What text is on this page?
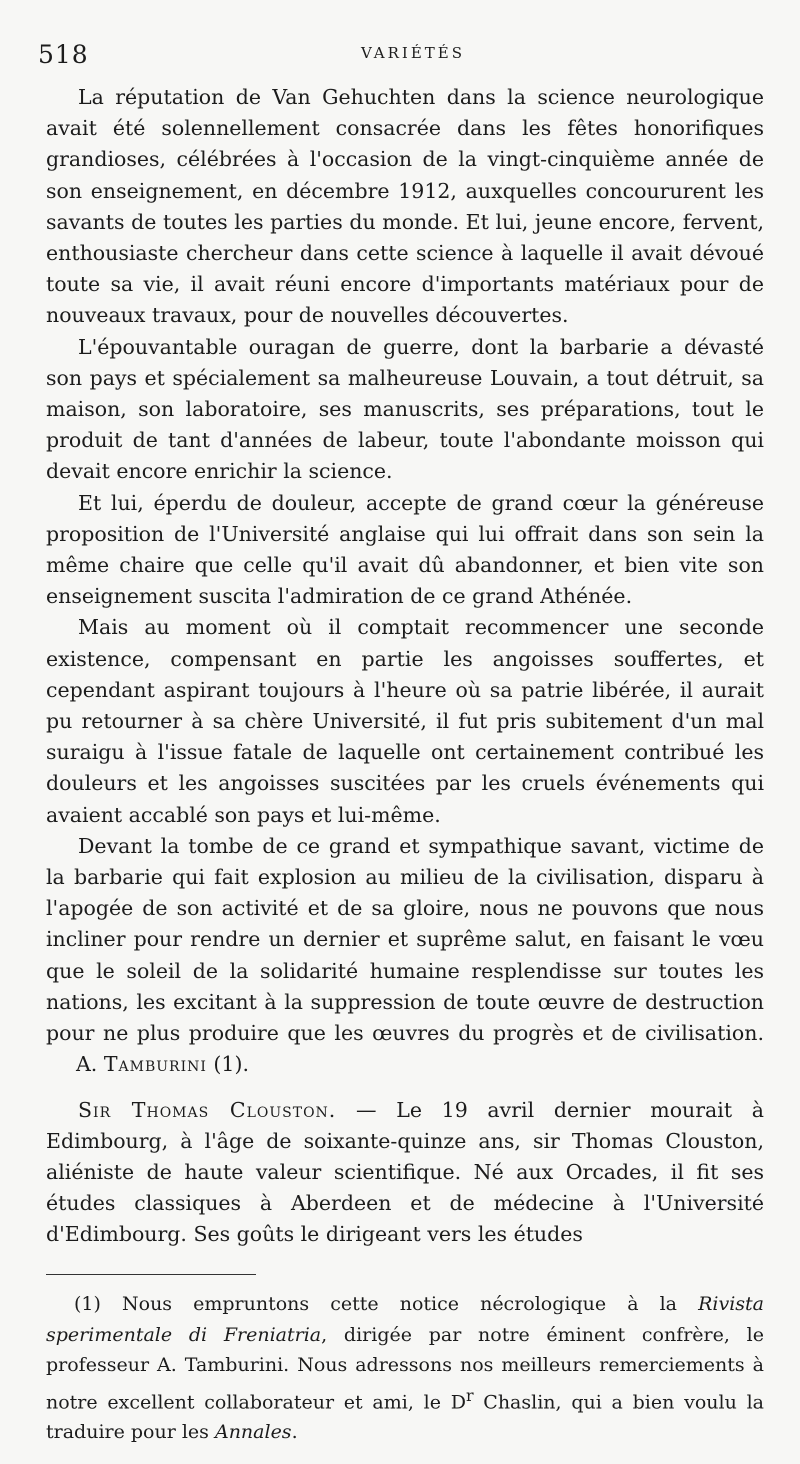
518	VARIÉTÉS

La réputation de Van Gehuchten dans la science neurologique avait été solennellement consacrée dans les fêtes honorifiques grandioses, célébrées à l'occasion de la vingt-cinquième année de son enseignement, en décembre 1912, auxquelles concoururent les savants de toutes les parties du monde. Et lui, jeune encore, fervent, enthousiaste chercheur dans cette science à laquelle il avait dévoué toute sa vie, il avait réuni encore d'importants matériaux pour de nouveaux travaux, pour de nouvelles découvertes.

L'épouvantable ouragan de guerre, dont la barbarie a dévasté son pays et spécialement sa malheureuse Louvain, a tout détruit, sa maison, son laboratoire, ses manuscrits, ses préparations, tout le produit de tant d'années de labeur, toute l'abondante moisson qui devait encore enrichir la science.

Et lui, éperdu de douleur, accepte de grand cœur la généreuse proposition de l'Université anglaise qui lui offrait dans son sein la même chaire que celle qu'il avait dû abandonner, et bien vite son enseignement suscita l'admiration de ce grand Athénée.

Mais au moment où il comptait recommencer une seconde existence, compensant en partie les angoisses souffertes, et cependant aspirant toujours à l'heure où sa patrie libérée, il aurait pu retourner à sa chère Université, il fut pris subitement d'un mal suraigu à l'issue fatale de laquelle ont certainement contribué les douleurs et les angoisses suscitées par les cruels événements qui avaient accablé son pays et lui-même.

Devant la tombe de ce grand et sympathique savant, victime de la barbarie qui fait explosion au milieu de la civilisation, disparu à l'apogée de son activité et de sa gloire, nous ne pouvons que nous incliner pour rendre un dernier et suprême salut, en faisant le vœu que le soleil de la solidarité humaine resplendisse sur toutes les nations, les excitant à la suppression de toute œuvre de destruction pour ne plus produire que les œuvres du progrès et de civilisation.A. Tamburini (1).

Sir Thomas Clouston. — Le 19 avril dernier mourait à Edimbourg, à l'âge de soixante-quinze ans, sir Thomas Clouston, aliéniste de haute valeur scientifique. Né aux Orcades, il fit ses études classiques à Aberdeen et de médecine à l'Université d'Edimbourg. Ses goûts le dirigeant vers les études

(1) Nous empruntons cette notice nécrologique à la Rivista sperimentale di Freniatria, dirigée par notre éminent confrère, le professeur A. Tamburini. Nous adressons nos meilleurs remerciements à notre excellent collaborateur et ami, le $D^r$ Chaslin, qui a bien voulu la traduire pour les Annales.
